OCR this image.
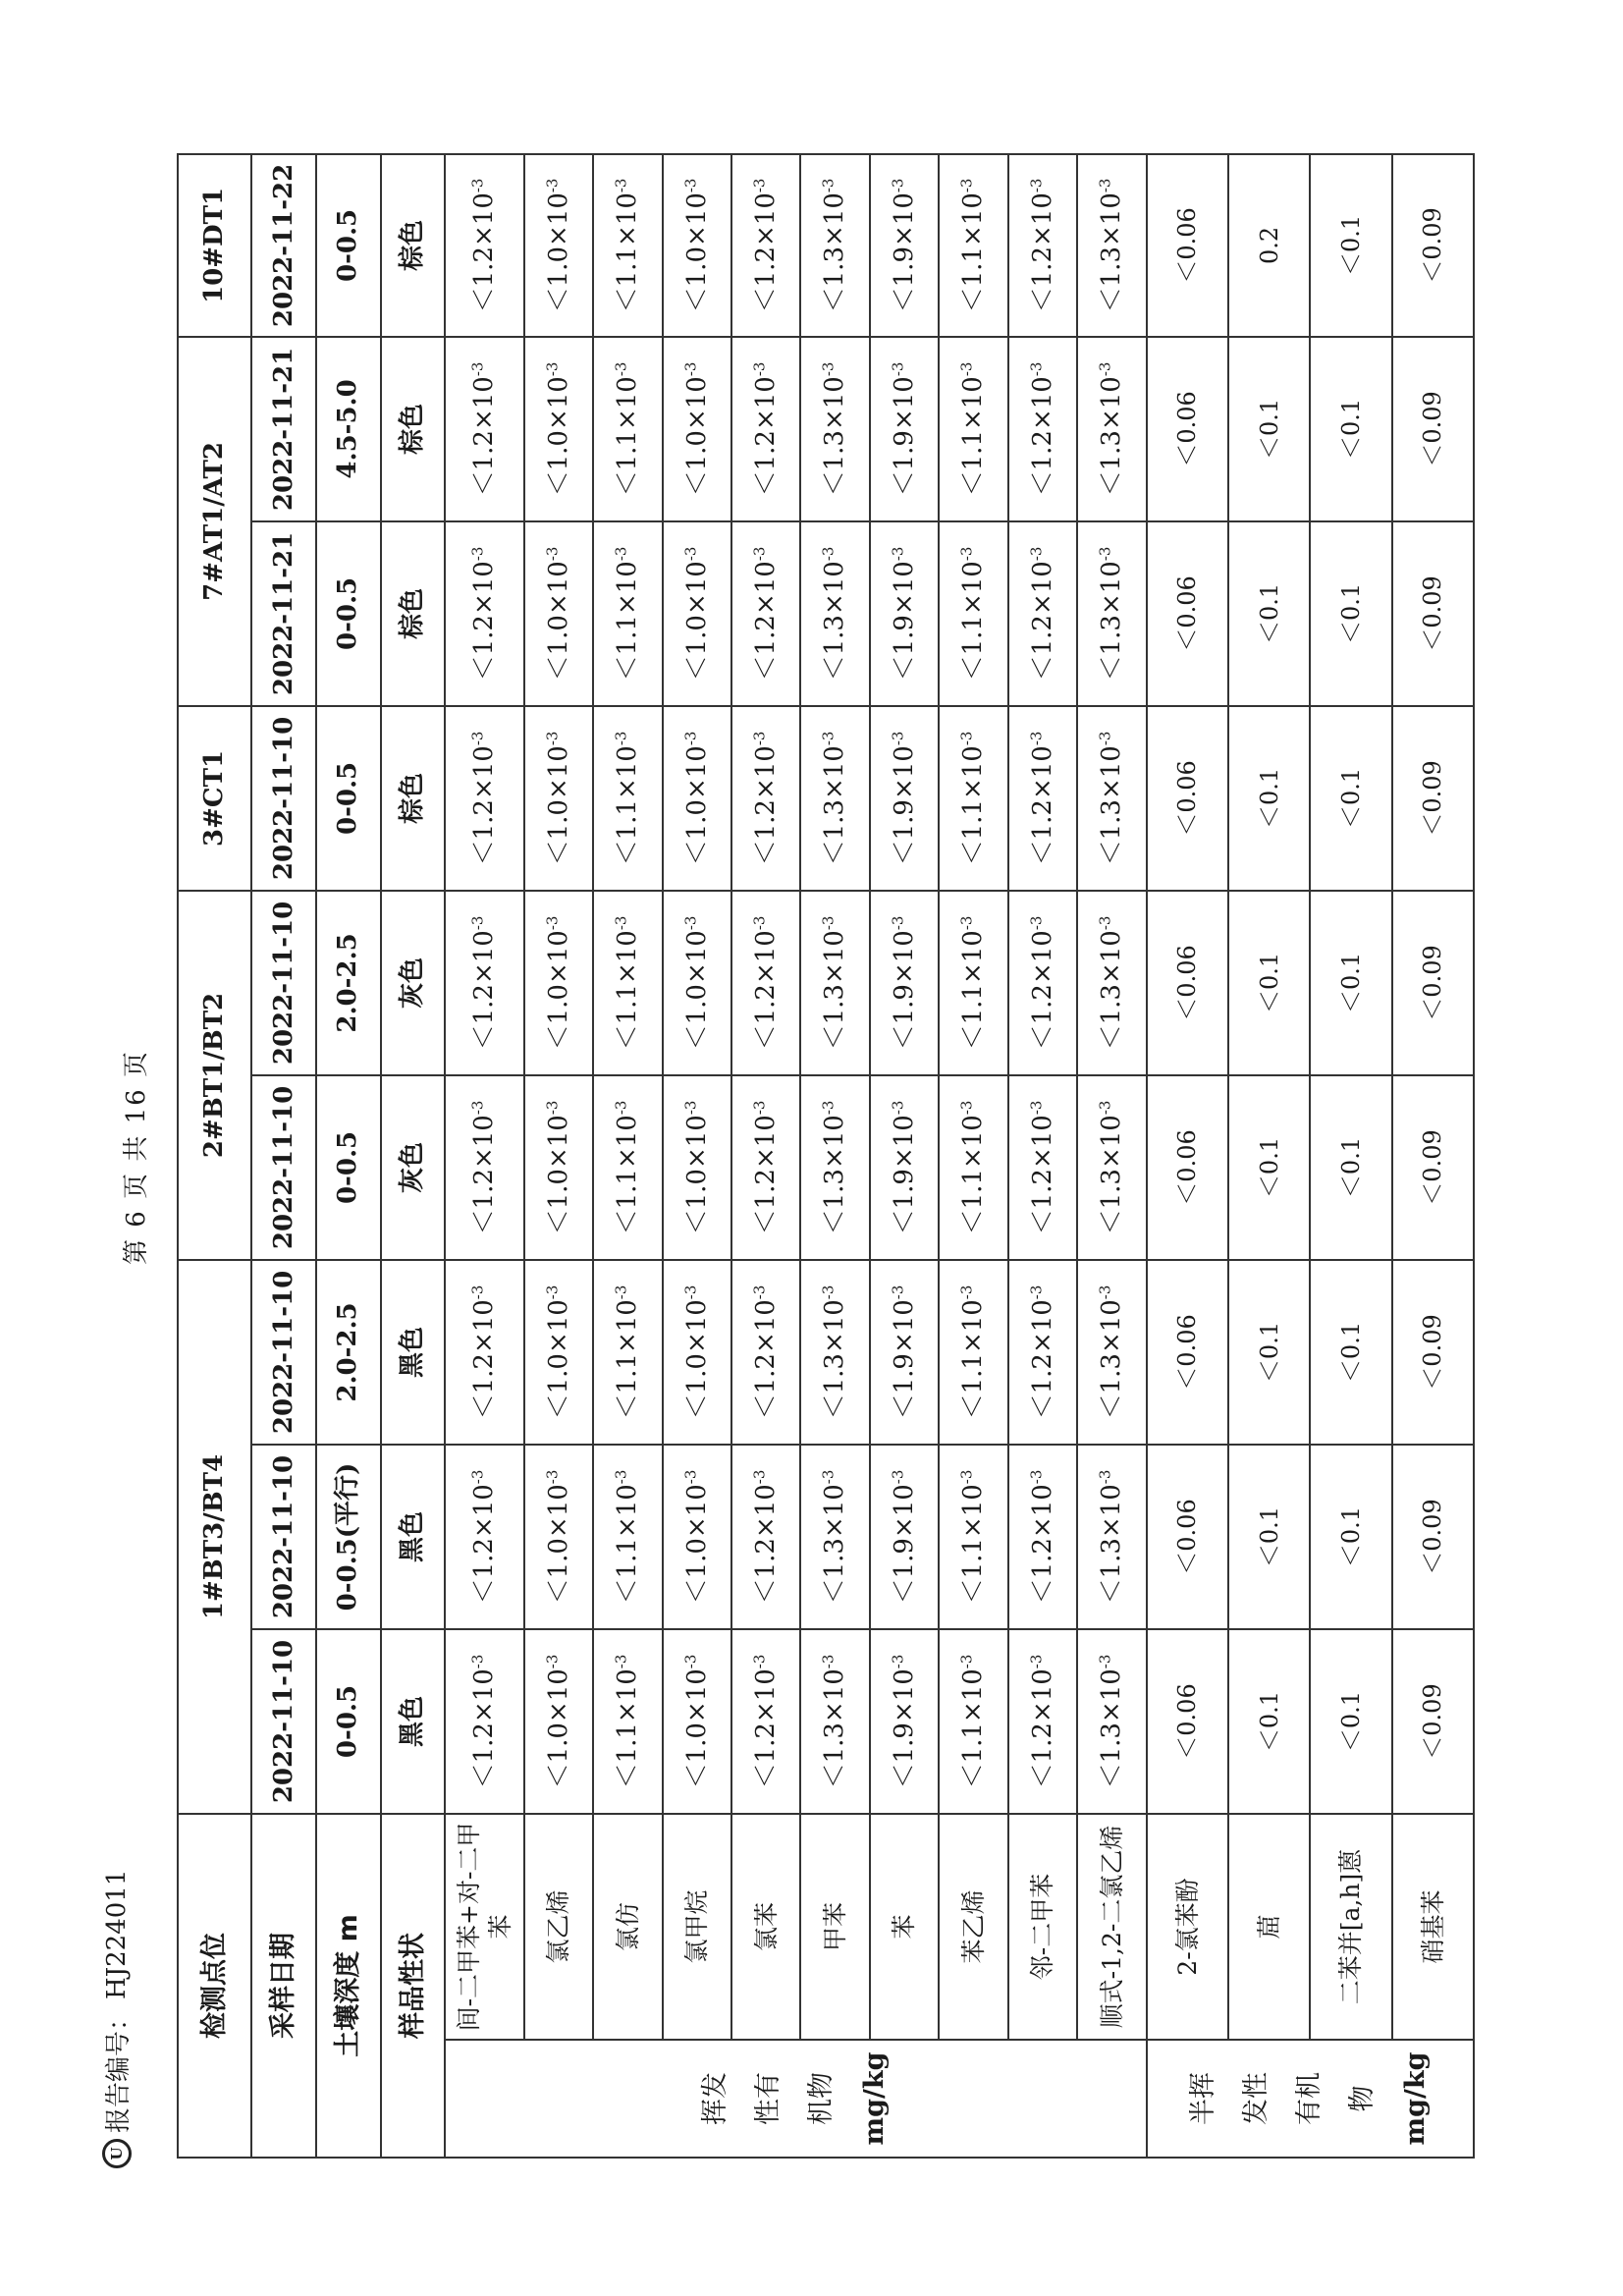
U
报告编号：
HJ224011
第 6 页 共 16 页
检测点位		1#BT3/BT4			2#BT1/BT2		3#CT1	7#AT1/AT2		10#DT1
采样日期		2022-11-10	2022-11-10	2022-11-10	2022-11-10	2022-11-10	2022-11-10	2022-11-21	2022-11-21	2022-11-22
土壤深度 m		0-0.5	0-0.5(平行)	2.0-2.5	0-0.5	2.0-2.5	0-0.5	0-0.5	4.5-5.0	0-0.5
样品性状		黑色	黑色	黑色	灰色	灰色	棕色	棕色	棕色	棕色

挥发 性有 机物 mg/kg	间-二甲苯+对-二甲苯	$<1.2\times 10^{-3}$	$<1.2\times 10^{-3}$	$<1.2\times 10^{-3}$	$<1.2\times 10^{-3}$	$<1.2\times 10^{-3}$	$<1.2\times 10^{-3}$	$<1.2\times 10^{-3}$	$<1.2\times 10^{-3}$	$<1.2\times 10^{-3}$
	氯乙烯	$<1.0\times 10^{-3}$	$<1.0\times 10^{-3}$	$<1.0\times 10^{-3}$	$<1.0\times 10^{-3}$	$<1.0\times 10^{-3}$	$<1.0\times 10^{-3}$	$<1.0\times 10^{-3}$	$<1.0\times 10^{-3}$	$<1.0\times 10^{-3}$
	氯仿	$<1.1\times 10^{-3}$	$<1.1\times 10^{-3}$	$<1.1\times 10^{-3}$	$<1.1\times 10^{-3}$	$<1.1\times 10^{-3}$	$<1.1\times 10^{-3}$	$<1.1\times 10^{-3}$	$<1.1\times 10^{-3}$	$<1.1\times 10^{-3}$
	氯甲烷	$<1.0\times 10^{-3}$	$<1.0\times 10^{-3}$	$<1.0\times 10^{-3}$	$<1.0\times 10^{-3}$	$<1.0\times 10^{-3}$	$<1.0\times 10^{-3}$	$<1.0\times 10^{-3}$	$<1.0\times 10^{-3}$	$<1.0\times 10^{-3}$
	氯苯	$<1.2\times 10^{-3}$	$<1.2\times 10^{-3}$	$<1.2\times 10^{-3}$	$<1.2\times 10^{-3}$	$<1.2\times 10^{-3}$	$<1.2\times 10^{-3}$	$<1.2\times 10^{-3}$	$<1.2\times 10^{-3}$	$<1.2\times 10^{-3}$
	甲苯	$<1.3\times 10^{-3}$	$<1.3\times 10^{-3}$	$<1.3\times 10^{-3}$	$<1.3\times 10^{-3}$	$<1.3\times 10^{-3}$	$<1.3\times 10^{-3}$	$<1.3\times 10^{-3}$	$<1.3\times 10^{-3}$	$<1.3\times 10^{-3}$
	苯	$<1.9\times 10^{-3}$	$<1.9\times 10^{-3}$	$<1.9\times 10^{-3}$	$<1.9\times 10^{-3}$	$<1.9\times 10^{-3}$	$<1.9\times 10^{-3}$	$<1.9\times 10^{-3}$	$<1.9\times 10^{-3}$	$<1.9\times 10^{-3}$
	苯乙烯	$<1.1\times 10^{-3}$	$<1.1\times 10^{-3}$	$<1.1\times 10^{-3}$	$<1.1\times 10^{-3}$	$<1.1\times 10^{-3}$	$<1.1\times 10^{-3}$	$<1.1\times 10^{-3}$	$<1.1\times 10^{-3}$	$<1.1\times 10^{-3}$
	邻-二甲苯	$<1.2\times 10^{-3}$	$<1.2\times 10^{-3}$	$<1.2\times 10^{-3}$	$<1.2\times 10^{-3}$	$<1.2\times 10^{-3}$	$<1.2\times 10^{-3}$	$<1.2\times 10^{-3}$	$<1.2\times 10^{-3}$	$<1.2\times 10^{-3}$
	顺式-1,2-二氯乙烯	$<1.3\times 10^{-3}$	$<1.3\times 10^{-3}$	$<1.3\times 10^{-3}$	$<1.3\times 10^{-3}$	$<1.3\times 10^{-3}$	$<1.3\times 10^{-3}$	$<1.3\times 10^{-3}$	$<1.3\times 10^{-3}$	$<1.3\times 10^{-3}$

半挥 发性 有机 物 mg/kg	2-氯苯酚	＜0.06	＜0.06	＜0.06	＜0.06	＜0.06	＜0.06	＜0.06	＜0.06	＜0.06
	䓛	＜0.1	＜0.1	＜0.1	＜0.1	＜0.1	＜0.1	＜0.1	＜0.1	0.2
	二苯并[a,h]蒽	＜0.1	＜0.1	＜0.1	＜0.1	＜0.1	＜0.1	＜0.1	＜0.1	＜0.1
	硝基苯	＜0.09	＜0.09	＜0.09	＜0.09	＜0.09	＜0.09	＜0.09	＜0.09	＜0.09
